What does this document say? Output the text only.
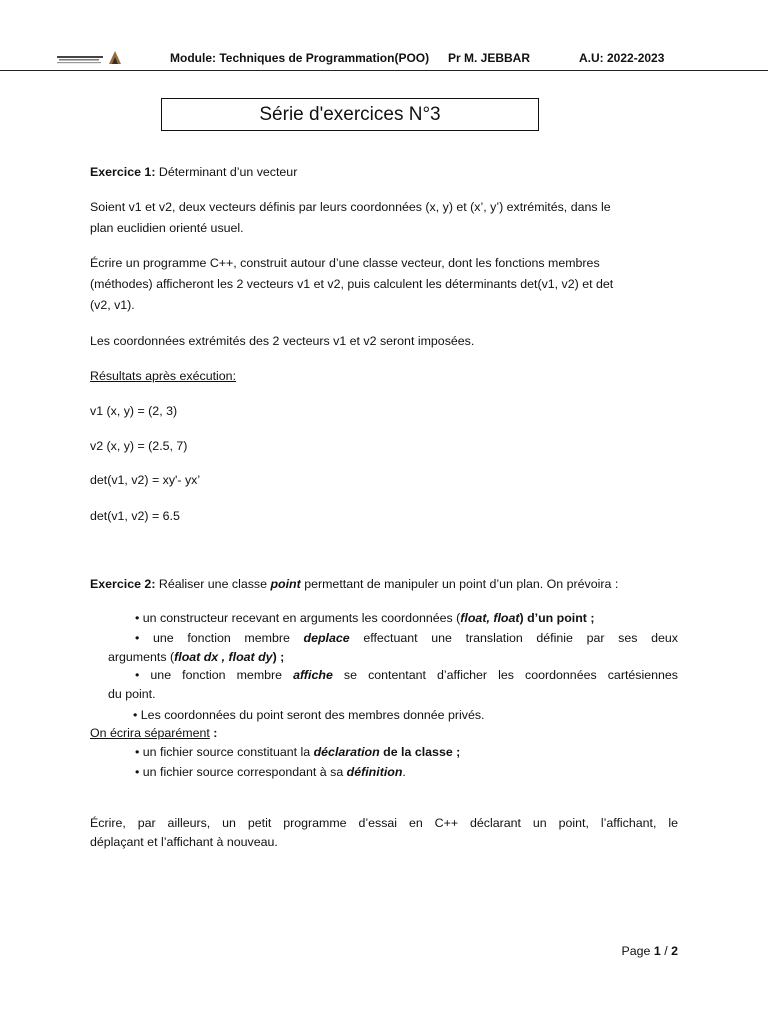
Module: Techniques de Programmation(POO) Pr M. JEBBAR	A.U: 2022-2023
Série d'exercices N°3
Exercice 1: Déterminant d’un vecteur
Soient v1 et v2, deux vecteurs définis par leurs coordonnées (x, y) et (x’, y’) extrémités, dans le
plan euclidien orienté usuel.
Écrire un programme C++, construit autour d’une classe vecteur, dont les fonctions membres
(méthodes) afficheront les 2 vecteurs v1 et v2, puis calculent les déterminants det(v1, v2) et det
(v2, v1).
Les coordonnées extrémités des 2 vecteurs v1 et v2 seront imposées.
Résultats après exécution:
v1 (x, y) = (2, 3)
v2 (x, y) = (2.5, 7)
det(v1, v2) = xy'- yx’
det(v1, v2) = 6.5
Exercice 2: Réaliser une classe point permettant de manipuler un point d’un plan. On prévoira :
• un constructeur recevant en arguments les coordonnées (float, float) d’un point ;
• une fonction membre deplace effectuant une translation définie par ses deux
arguments (float dx , float dy) ;
• une fonction membre affiche se contentant d’afficher les coordonnées cartésiennes
du point.
• Les coordonnées du point seront des membres donnée privés.
On écrira séparément :
• un fichier source constituant la déclaration de la classe ;
• un fichier source correspondant à sa définition.
Écrire, par ailleurs, un petit programme d’essai en C++ déclarant un point, l’affichant, le
déplaçant et l’affichant à nouveau.
Page 1 / 2
